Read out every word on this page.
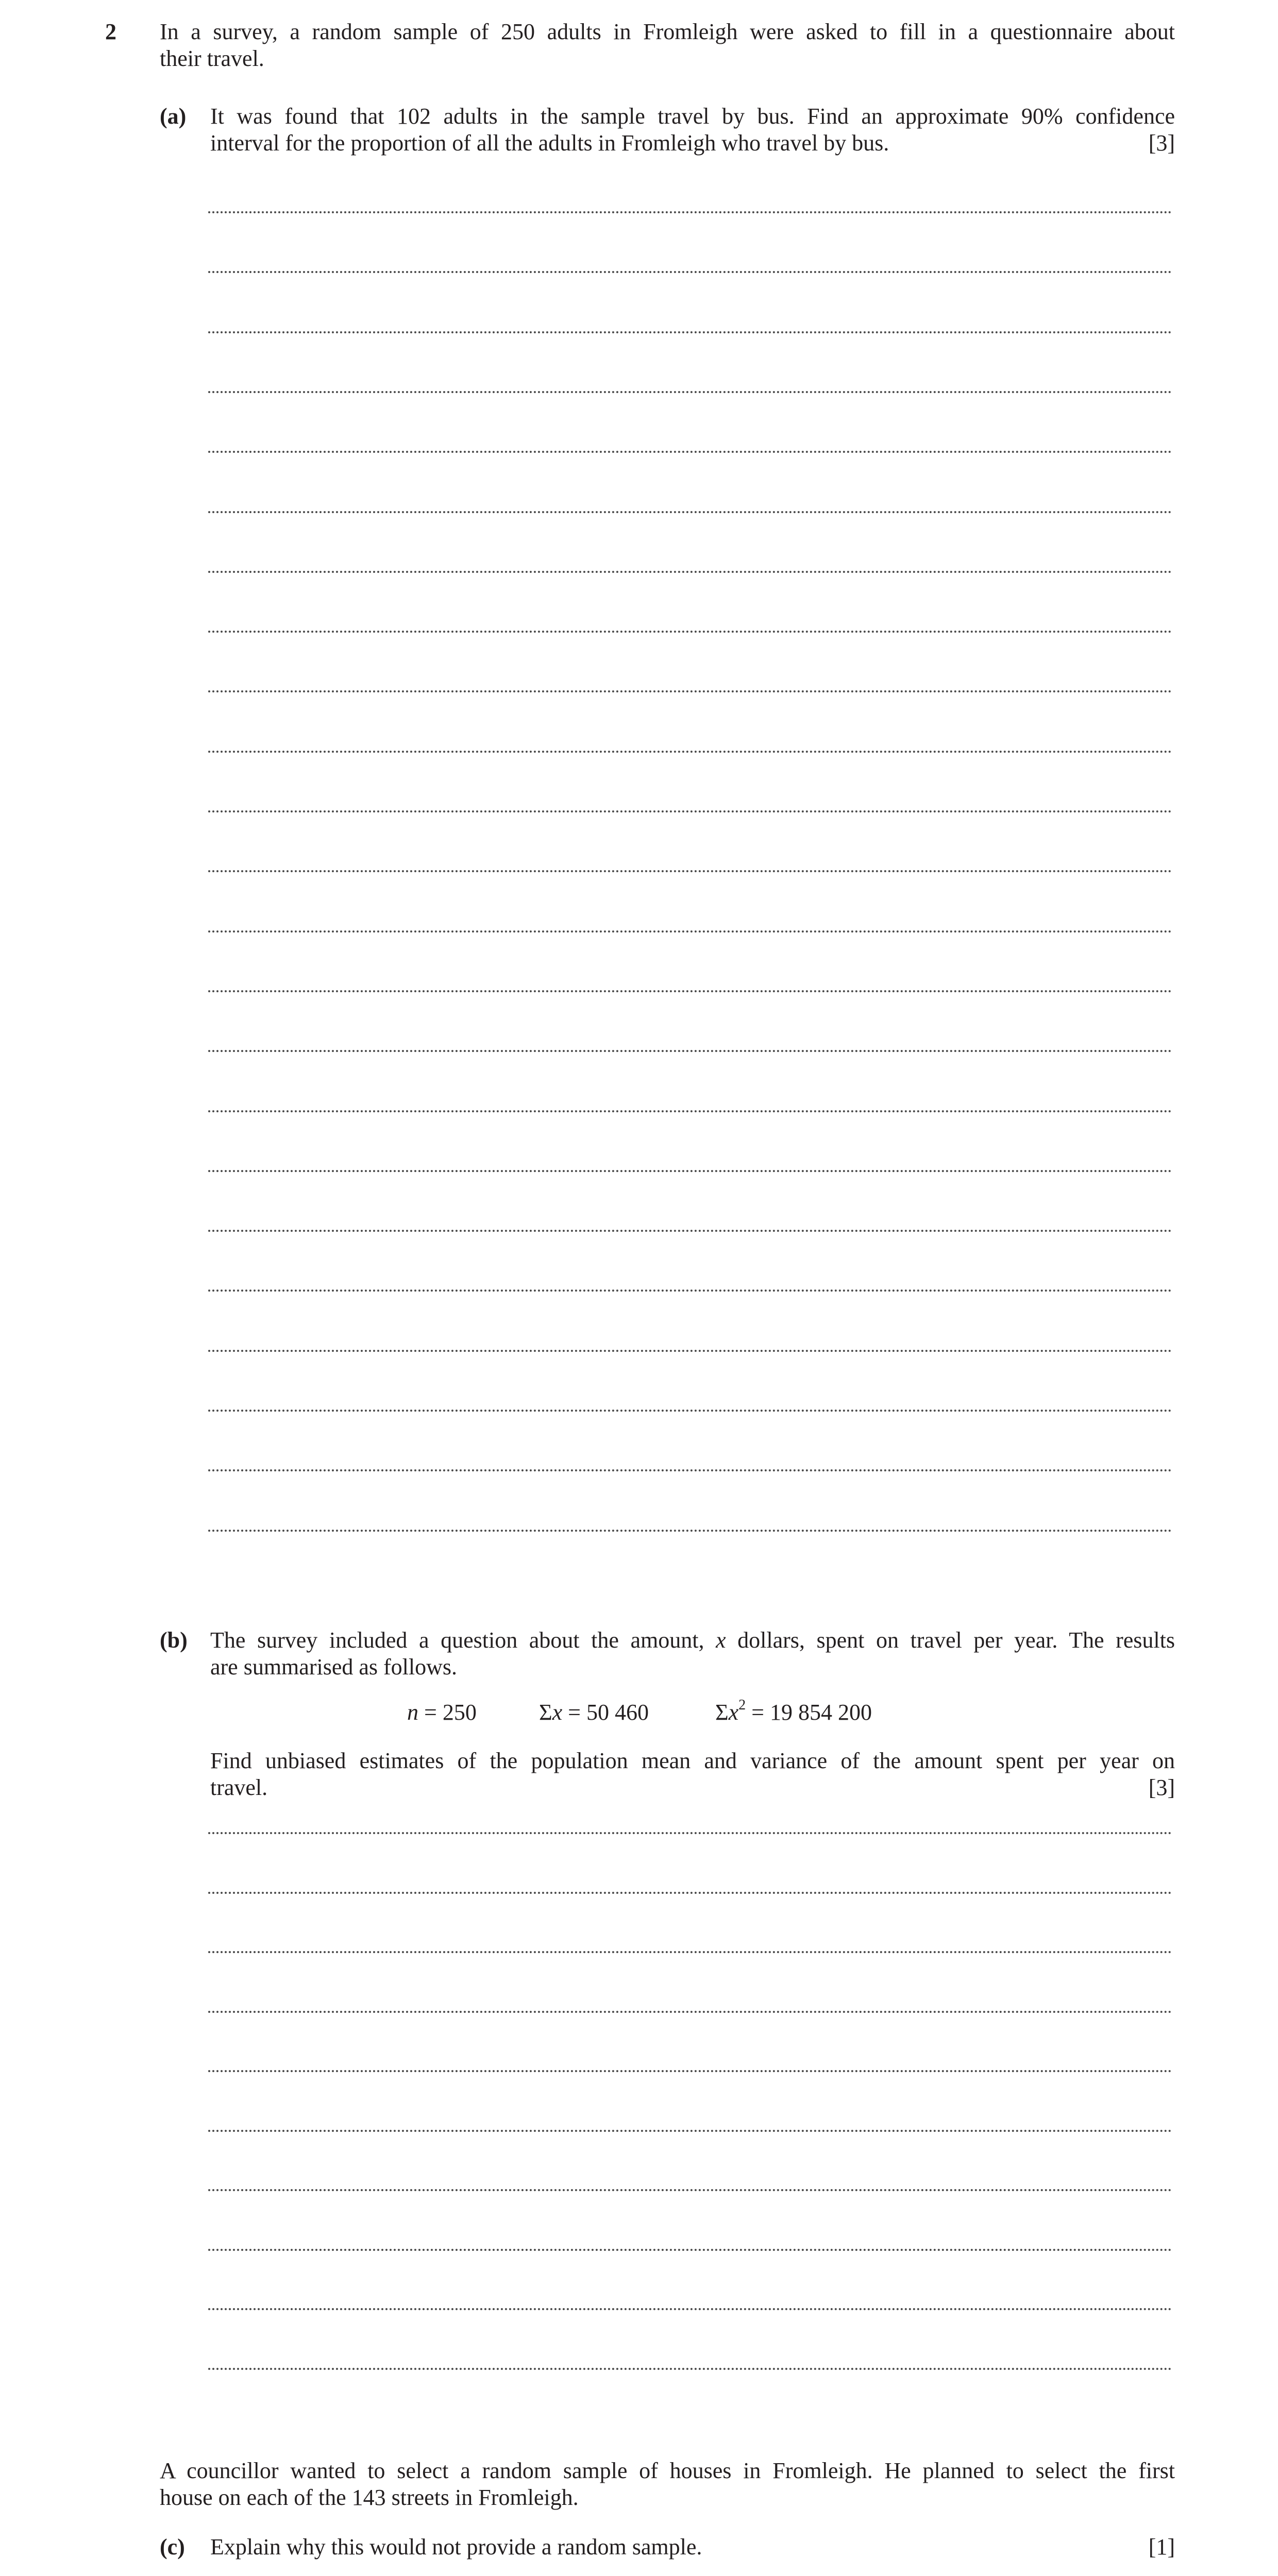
2 In a survey, a random sample of 250 adults in Fromleigh were asked to fill in a questionnaire about
their travel.
(a) It was found that 102 adults in the sample travel by bus. Find an approximate 90% confidence
interval for the proportion of all the adults in Fromleigh who travel by bus.	[3]
(b) The survey included a question about the amount, x dollars, spent on travel per year. The results
are summarised as follows.
n = 250	Σx = 50 460	$\Sigma x^2 = 19$ 854 200
Find unbiased estimates of the population mean and variance of the amount spent per year on
travel.	[3]
A councillor wanted to select a random sample of houses in Fromleigh. He planned to select the first
house on each of the 143 streets in Fromleigh.
(c) Explain why this would not provide a random sample.	[1]
